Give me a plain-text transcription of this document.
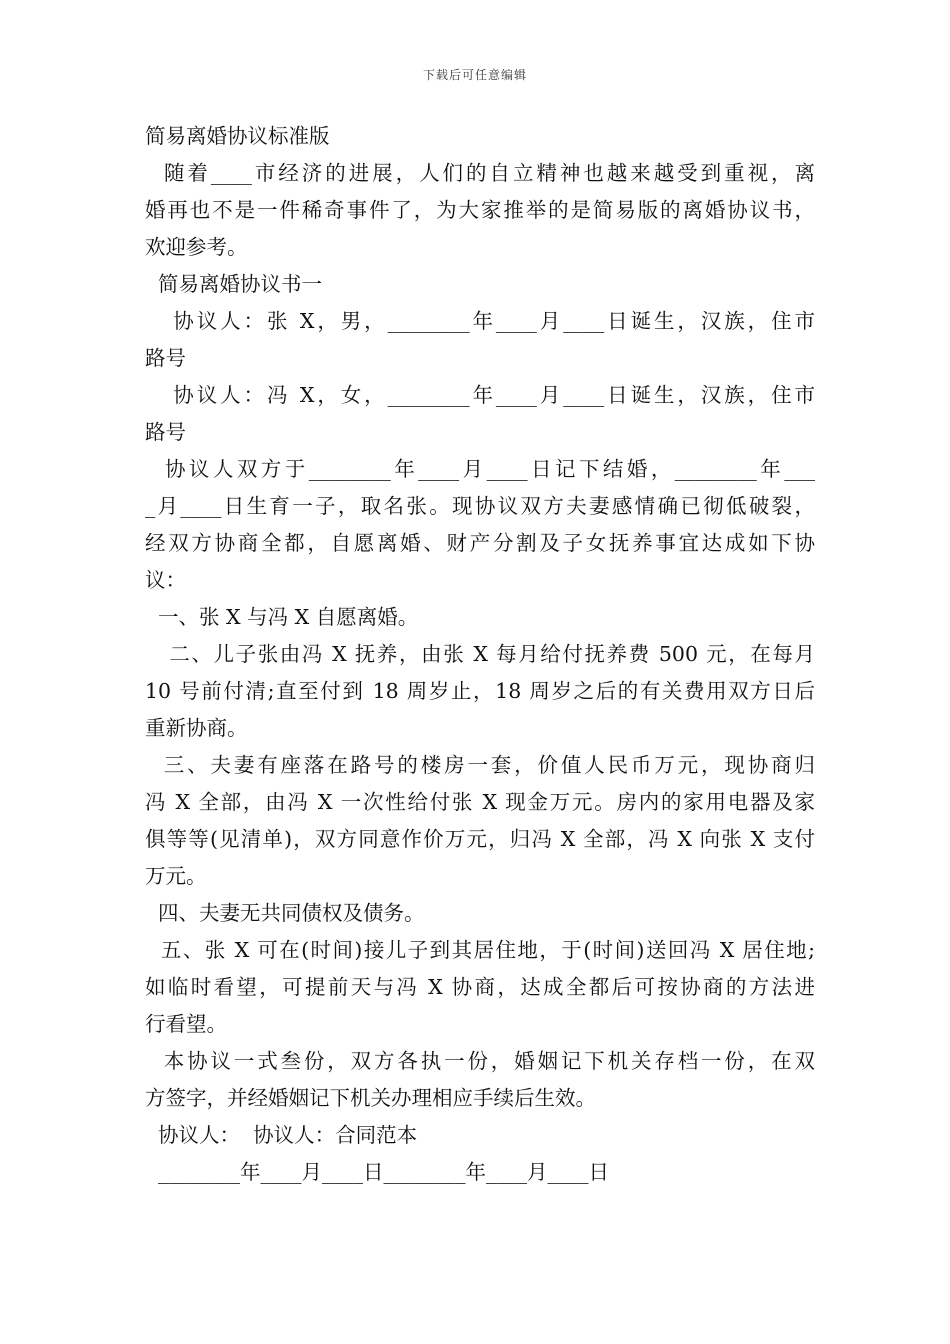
下载后可任意编辑
简易离婚协议标准版
随着____市经济的进展，人们的自立精神也越来越受到重视，离
婚再也不是一件稀奇事件了，为大家推举的是简易版的离婚协议书，
欢迎参考。
简易离婚协议书一
协议人：张 X，男，________年____月____日诞生，汉族，住市
路号
协议人：冯 X，女，________年____月____日诞生，汉族，住市
路号
协议人双方于________年____月____日记下结婚，________年___
_月____日生育一子，取名张。现协议双方夫妻感情确已彻低破裂，
经双方协商全都，自愿离婚、财产分割及子女抚养事宜达成如下协
议：
一、张 X 与冯 X 自愿离婚。
二、儿子张由冯 X 抚养，由张 X 每月给付抚养费 500 元，在每月
10 号前付清;直至付到 18 周岁止，18 周岁之后的有关费用双方日后
重新协商。
三、夫妻有座落在路号的楼房一套，价值人民币万元，现协商归
冯 X 全部，由冯 X 一次性给付张 X 现金万元。房内的家用电器及家
俱等等(见清单)，双方同意作价万元，归冯 X 全部，冯 X 向张 X 支付
万元。
四、夫妻无共同债权及债务。
五、张 X 可在(时间)接儿子到其居住地，于(时间)送回冯 X 居住地;
如临时看望，可提前天与冯 X 协商，达成全都后可按协商的方法进
行看望。
本协议一式叁份，双方各执一份，婚姻记下机关存档一份，在双
方签字，并经婚姻记下机关办理相应手续后生效。
协议人：  协议人：合同范本
________年____月____日________年____月____日
